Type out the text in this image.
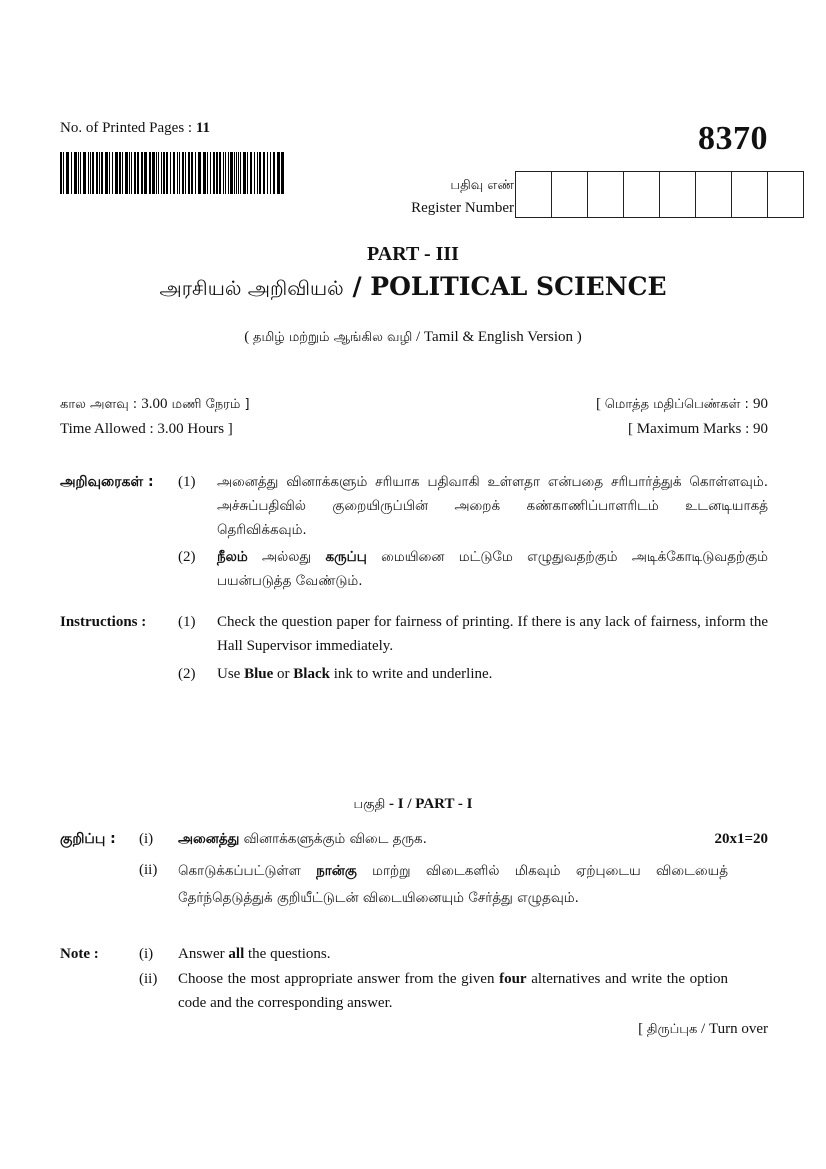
No. of Printed Pages : 11	8370
பதிவு எண்
Register Number
PART - III
அரசியல் அறிவியல் / POLITICAL SCIENCE
( தமிழ் மற்றும் ஆங்கில வழி / Tamil & English Version )
கால அளவு : 3.00 மணி நேரம் ]
Time Allowed : 3.00 Hours ]
[ மொத்த மதிப்பெண்கள் : 90
[ Maximum Marks : 90
அறிவுரைகள் : (1) அனைத்து வினாக்களும் சரியாக பதிவாகி உள்ளதா என்பதை சரிபார்த்துக் கொள்ளவும். அச்சுப்பதிவில் குறையிருப்பின் அறைக் கண்காணிப்பாளரிடம் உடனடியாகத் தெரிவிக்கவும்.
(2) நீலம் அல்லது கருப்பு மையினை மட்டுமே எழுதுவதற்கும் அடிக்கோடிடுவதற்கும் பயன்படுத்த வேண்டும்.
Instructions : (1) Check the question paper for fairness of printing. If there is any lack of fairness, inform the Hall Supervisor immediately.
(2) Use Blue or Black ink to write and underline.
பகுதி - I / PART - I
குறிப்பு : (i) அனைத்து வினாக்களுக்கும் விடை தருக.	20x1=20
(ii) கொடுக்கப்பட்டுள்ள நான்கு மாற்று விடைகளில் மிகவும் ஏற்புடைய விடையைத் தேர்ந்தெடுத்துக் குறியீட்டுடன் விடையினையும் சேர்த்து எழுதவும்.
Note :	(i) Answer all the questions.
(ii) Choose the most appropriate answer from the given four alternatives and write the option code and the corresponding answer.
[ திருப்புக / Turn over
